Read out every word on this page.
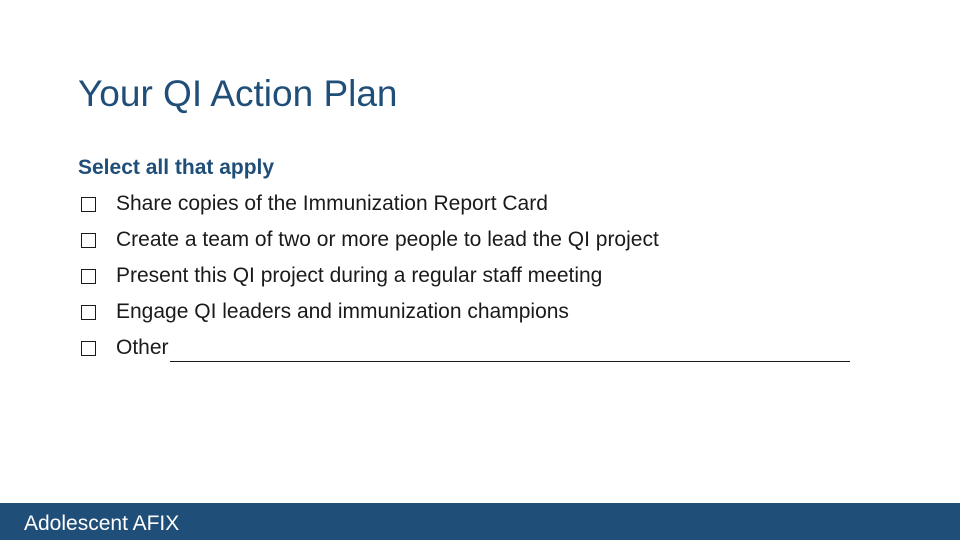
Your QI Action Plan
Select all that apply
Share copies of the Immunization Report Card
Create a team of two or more people to lead the QI project
Present this QI project during a regular staff meeting
Engage QI leaders and immunization champions
Other
Adolescent AFIX
